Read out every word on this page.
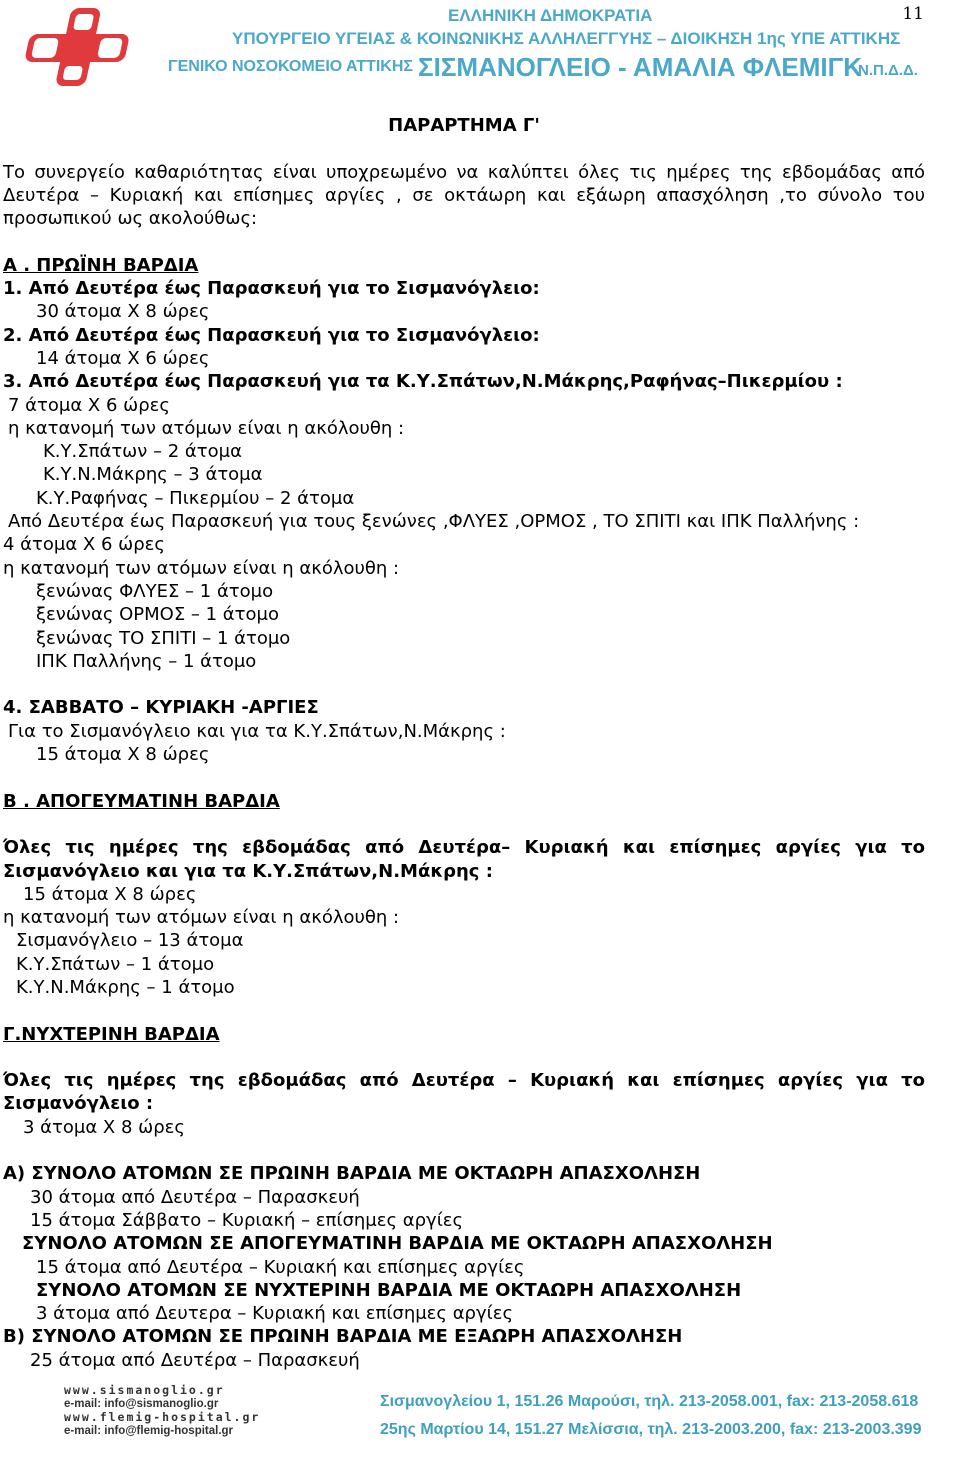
11
ΕΛΛΗΝΙΚΗ ΔΗΜΟΚΡΑΤΙΑ
ΥΠΟΥΡΓΕΙΟ ΥΓΕΙΑΣ & ΚΟΙΝΩΝΙΚΗΣ ΑΛΛΗΛΕΓΓΥΗΣ – ΔΙΟΙΚΗΣΗ 1ης ΥΠΕ ΑΤΤΙΚΗΣ
ΓΕΝΙΚΟ ΝΟΣΟΚΟΜΕΙΟ ΑΤΤΙΚΗΣ ΣΙΣΜΑΝΟΓΛΕΙΟ - ΑΜΑΛΙΑ ΦΛΕΜΙΓΚ
Ν.Π.Δ.Δ.
ΠΑΡΑΡΤΗΜΑ Γ'
Το συνεργείο καθαριότητας είναι υποχρεωμένο να καλύπτει όλες τις ημέρες της εβδομάδας από Δευτέρα – Κυριακή και επίσημες αργίες , σε οκτάωρη και εξάωρη απασχόληση ,το σύνολο του προσωπικού ως ακολούθως:
Α . ΠΡΩΪΝΗ ΒΑΡΔΙΑ
1. Από Δευτέρα έως Παρασκευή για το Σισμανόγλειο:
30 άτομα Χ 8 ώρες
2. Από Δευτέρα έως Παρασκευή για το Σισμανόγλειο:
14 άτομα Χ 6 ώρες
3. Από Δευτέρα έως Παρασκευή για τα Κ.Υ.Σπάτων,Ν.Μάκρης,Ραφήνας–Πικερμίου :
7 άτομα Χ 6 ώρες
η κατανομή των ατόμων είναι η ακόλουθη :
Κ.Υ.Σπάτων – 2 άτομα
Κ.Υ.Ν.Μάκρης – 3 άτομα
Κ.Υ.Ραφήνας – Πικερμίου – 2 άτομα
Από Δευτέρα έως Παρασκευή για τους ξενώνες ,ΦΛΥΕΣ ,ΟΡΜΟΣ , ΤΟ ΣΠΙΤΙ και ΙΠΚ Παλλήνης :
4 άτομα Χ 6 ώρες
η κατανομή των ατόμων είναι η ακόλουθη :
ξενώνας ΦΛΥΕΣ – 1 άτομο
ξενώνας ΟΡΜΟΣ – 1 άτομο
ξενώνας ΤΟ ΣΠΙΤΙ – 1 άτομο
ΙΠΚ Παλλήνης – 1 άτομο
4. ΣΑΒΒΑΤΟ – ΚΥΡΙΑΚΗ -ΑΡΓΙΕΣ
Για το Σισμανόγλειο και για τα Κ.Υ.Σπάτων,Ν.Μάκρης :
15 άτομα Χ 8 ώρες
Β . ΑΠΟΓΕΥΜΑΤΙΝΗ ΒΑΡΔΙΑ
Όλες τις ημέρες της εβδομάδας από Δευτέρα– Κυριακή και επίσημες αργίες για το Σισμανόγλειο και για τα Κ.Υ.Σπάτων,Ν.Μάκρης :
15 άτομα Χ 8 ώρες
η κατανομή των ατόμων είναι η ακόλουθη :
Σισμανόγλειο – 13 άτομα
Κ.Υ.Σπάτων – 1 άτομο
Κ.Υ.Ν.Μάκρης – 1 άτομο
Γ.ΝΥΧΤΕΡΙΝΗ ΒΑΡΔΙΑ
Όλες τις ημέρες της εβδομάδας από Δευτέρα – Κυριακή και επίσημες αργίες για το Σισμανόγλειο :
3 άτομα Χ 8 ώρες
Α) ΣΥΝΟΛΟ ΑΤΟΜΩΝ ΣΕ ΠΡΩΙΝΗ ΒΑΡΔΙΑ ΜΕ ΟΚΤΑΩΡΗ ΑΠΑΣΧΟΛΗΣΗ
30 άτομα από Δευτέρα – Παρασκευή
15 άτομα Σάββατο – Κυριακή – επίσημες αργίες
ΣΥΝΟΛΟ ΑΤΟΜΩΝ ΣΕ ΑΠΟΓΕΥΜΑΤΙΝΗ ΒΑΡΔΙΑ ΜΕ ΟΚΤΑΩΡΗ ΑΠΑΣΧΟΛΗΣΗ
15 άτομα από Δευτέρα – Κυριακή και επίσημες αργίες
ΣΥΝΟΛΟ ΑΤΟΜΩΝ ΣΕ ΝΥΧΤΕΡΙΝΗ ΒΑΡΔΙΑ ΜΕ ΟΚΤΑΩΡΗ ΑΠΑΣΧΟΛΗΣΗ
3 άτομα από Δευτερα – Κυριακή και επίσημες αργίες
Β) ΣΥΝΟΛΟ ΑΤΟΜΩΝ ΣΕ ΠΡΩΙΝΗ ΒΑΡΔΙΑ ΜΕ ΕΞΑΩΡΗ ΑΠΑΣΧΟΛΗΣΗ
25 άτομα από Δευτέρα – Παρασκευή
www.sismanoglio.gr
e-mail: info@sismanoglio.gr
www.flemig-hospital.gr
e-mail: info@flemig-hospital.gr
Σισμανογλείου 1, 151.26 Μαρούσι, τηλ. 213-2058.001, fax: 213-2058.618
25ης Μαρτίου 14, 151.27 Μελίσσια, τηλ. 213-2003.200, fax: 213-2003.399
